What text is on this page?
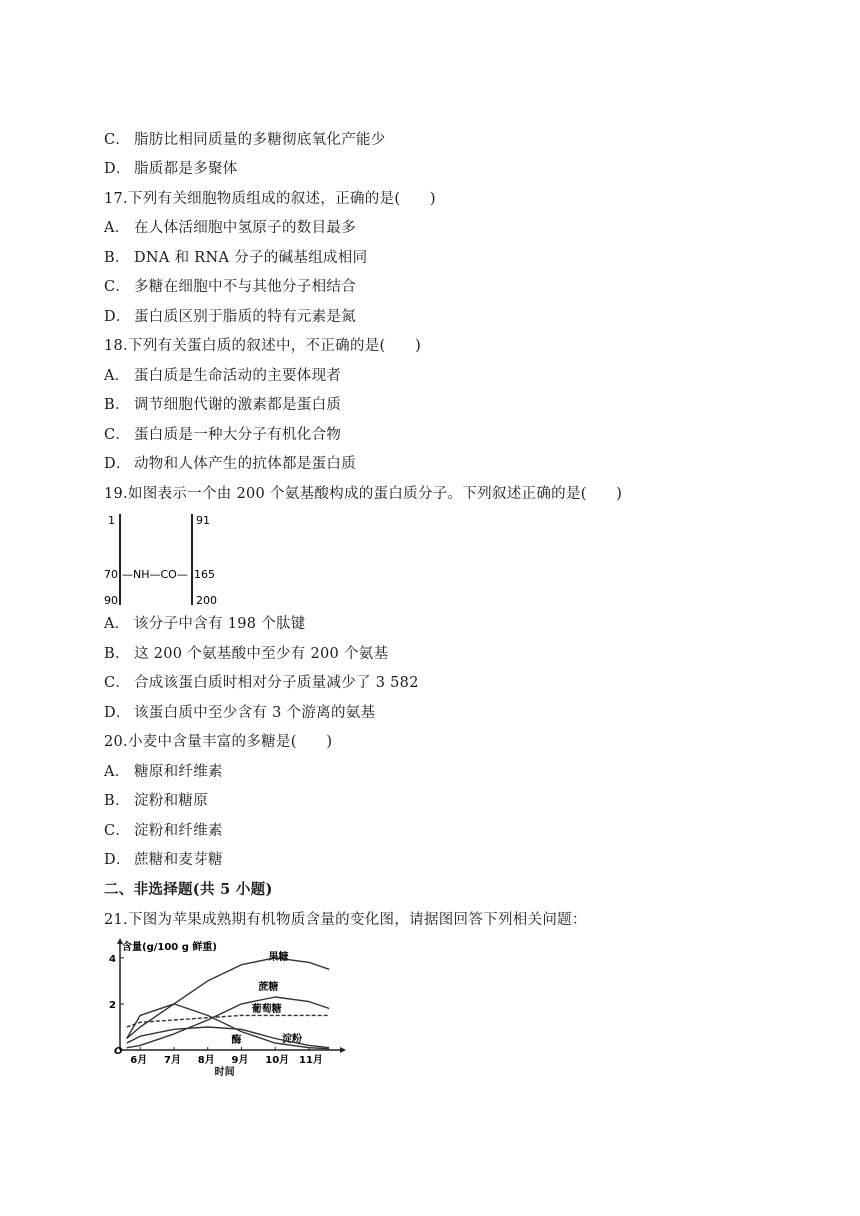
C． 脂肪比相同质量的多糖彻底氧化产能少
D． 脂质都是多聚体
17.下列有关细胞物质组成的叙述，正确的是(　　)
A． 在人体活细胞中氢原子的数目最多
B． DNA 和 RNA 分子的碱基组成相同
C． 多糖在细胞中不与其他分子相结合
D． 蛋白质区别于脂质的特有元素是氮
18.下列有关蛋白质的叙述中，不正确的是(　　)
A． 蛋白质是生命活动的主要体现者
B． 调节细胞代谢的激素都是蛋白质
C． 蛋白质是一种大分子有机化合物
D． 动物和人体产生的抗体都是蛋白质
19.如图表示一个由 200 个氨基酸构成的蛋白质分子。下列叙述正确的是(　　)
A． 该分子中含有 198 个肽键
B． 这 200 个氨基酸中至少有 200 个氨基
C． 合成该蛋白质时相对分子质量减少了 3 582
D． 该蛋白质中至少含有 3 个游离的氨基
20.小麦中含量丰富的多糖是(　　)
A． 糖原和纤维素
B． 淀粉和糖原
C． 淀粉和纤维素
D． 蔗糖和麦芽糖
二、非选择题(共 5 小题)
21.下图为苹果成熟期有机物质含量的变化图，请据图回答下列相关问题：
1
70
90
91
165
200
—NH—CO—
含量(g/100 g 鲜重)
2
4
O
6月 7月 8月 9月 10月 11月
时间
果糖
蔗糖
葡萄糖
淀粉
酶
